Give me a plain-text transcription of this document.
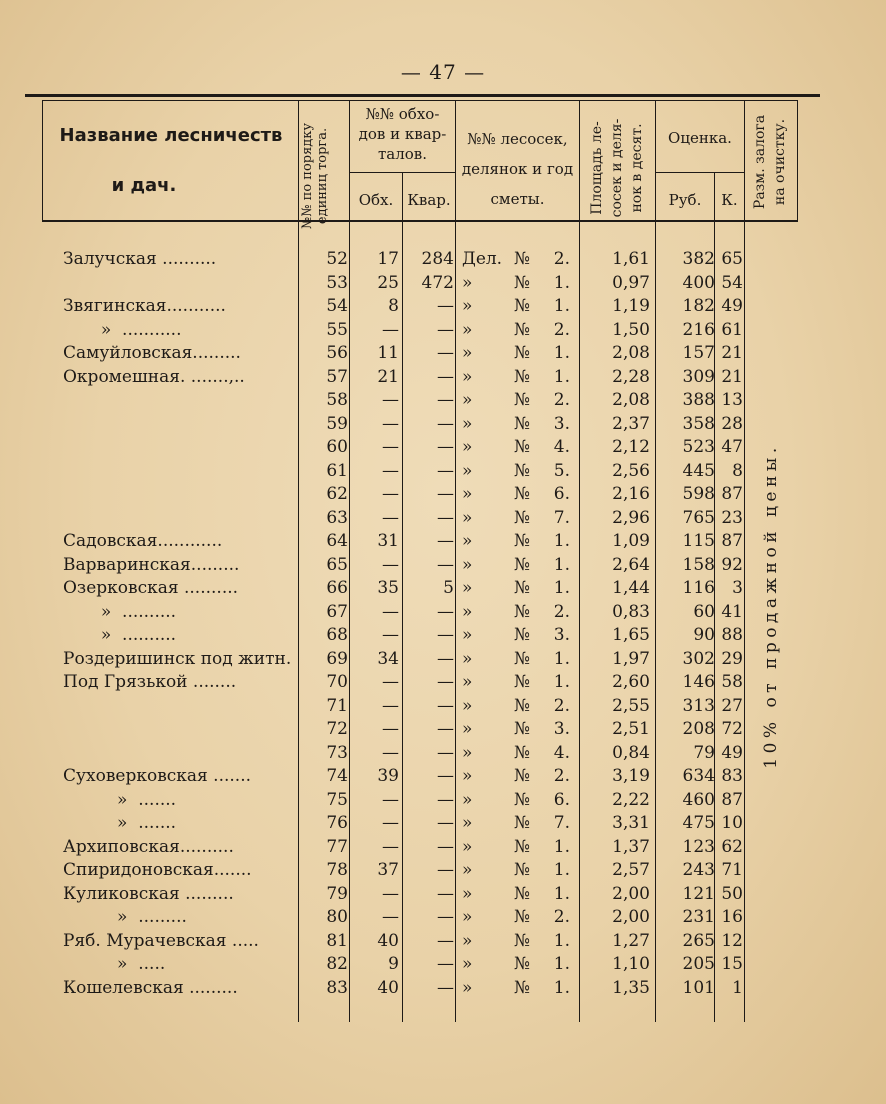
— 47 —
Название лесничеств
и дач.	№№ по порядку единиц торга.
№№ обхо-
дов и квар-
талов.
Обх. Квар.
№№ лесосек,
делянок и год
сметы.	Площадь ле- сосек и деля- нок в десят.	Оценка.
Руб.	К.	Разм. залога на очистку.
Залучская ..........	52	17	284 Дел. №	2.	1,61	382 65
53	25	472 »	№	1.	0,97	400 54
Звягинская...........	54	8	— »	№	1.	1,19	182 49
»  ...........	55	—	— »	№	2.	1,50	216 61
Самуйловская.........	56	11	— »	№	1.	2,08	157 21
Окромешная. .......,..	57	21	— »	№	1.	2,28	309 21
58	—	— »	№	2.	2,08	388 13
59	—	— »	№	3.	2,37	358 28
60	—	— »	№	4.	2,12	523 47
61	—	— »	№	5.	2,56	445	8
62	—	— »	№	6.	2,16	598 87
63	—	— »	№	7.	2,96	765 23
Садовская............	64	31	— »	№	1.	1,09	115 87
Варваринская.........	65	—	— »	№	1.	2,64	158 92
Озерковская ..........	66	35	5 »	№	1.	1,44	116	3
»  ..........	67	—	— »	№	2.	0,83	60 41
»  ..........	68	—	— »	№	3.	1,65	90 88
Роздеришинск под житн.	69	34	— »	№	1.	1,97	302 29
Под Грязькой ........	70	—	— »	№	1.	2,60	146 58
71	—	— »	№	2.	2,55	313 27
72	—	— »	№	3.	2,51	208 72
73	—	— »	№	4.	0,84	79 49
Суховерковская .......	74	39	— »	№	2.	3,19	634 83
»  .......	75	—	— »	№	6.	2,22	460 87
»  .......	76	—	— »	№	7.	3,31	475 10
Архиповская..........	77	—	— »	№	1.	1,37	123 62
Спиридоновская.......	78	37	— »	№	1.	2,57	243 71
Куликовская .........	79	—	— »	№	1.	2,00	121 50
»  .........	80	—	— »	№	2.	2,00	231 16
Ряб. Мурачевская .....	81	40	— »	№	1.	1,27	265 12
»  .....	82	9	— »	№	1.	1,10	205 15
Кошелевская .........	83	40	— »	№	1.	1,35	101	1
10% от продажной цены.
